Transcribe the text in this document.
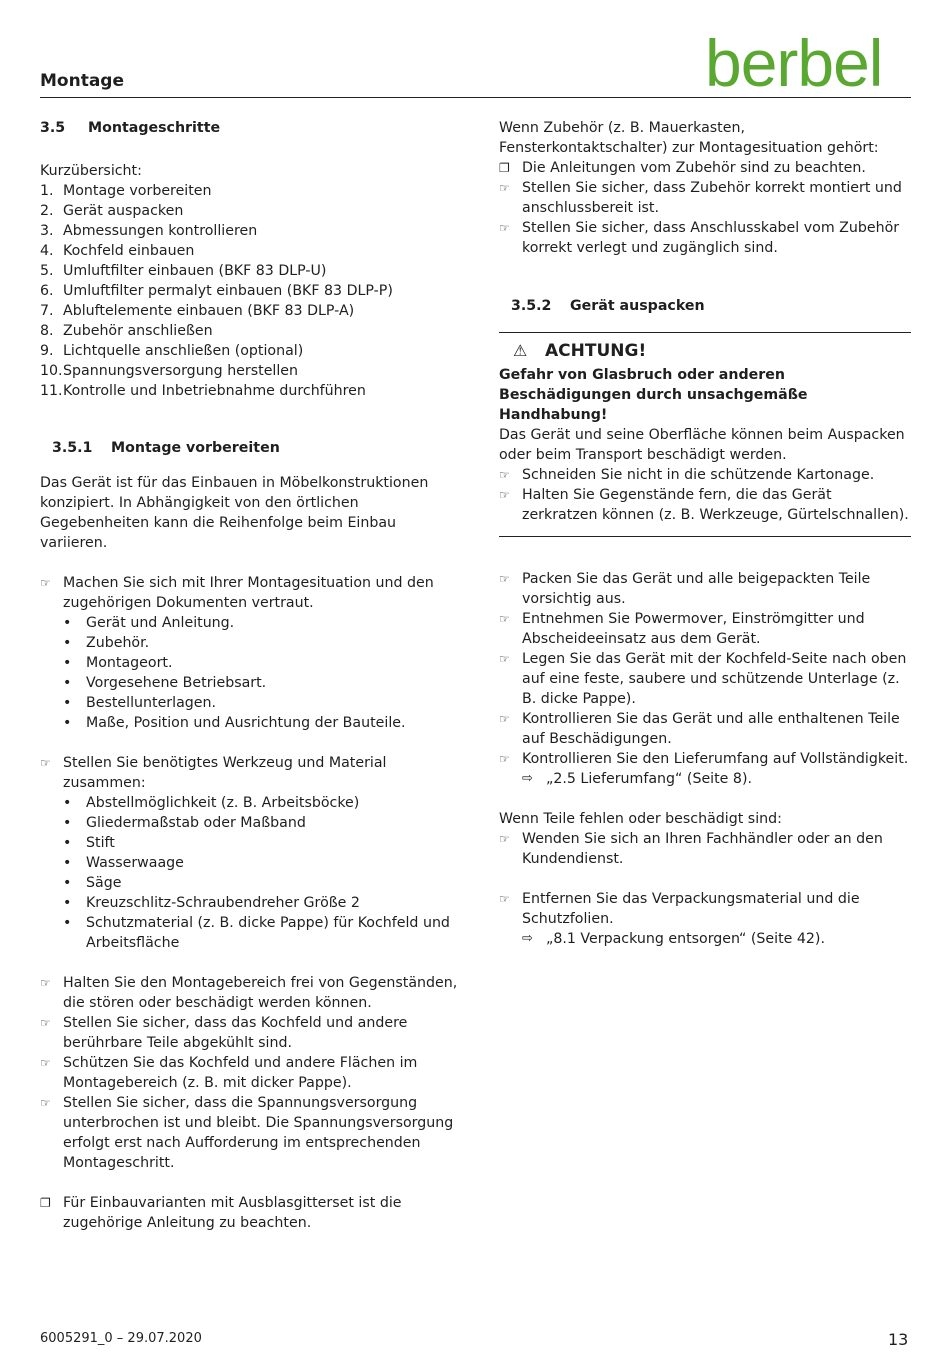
Montage	berbel
3.5	Montageschritte
Kurzübersicht:
1. Montage vorbereiten
2. Gerät auspacken
3. Abmessungen kontrollieren
4. Kochfeld einbauen
5. Umluftfilter einbauen (BKF 83 DLP-U)
6. Umluftfilter permalyt einbauen (BKF 83 DLP-P)
7. Abluftelemente einbauen (BKF 83 DLP-A)
8. Zubehör anschließen
9. Lichtquelle anschließen (optional)
10. Spannungsversorgung herstellen
11. Kontrolle und Inbetriebnahme durchführen
3.5.1	Montage vorbereiten
Das Gerät ist für das Einbauen in Möbelkonstruktionen konzipiert. In Abhängigkeit von den örtlichen Gegebenheiten kann die Reihenfolge beim Einbau variieren.
☞ Machen Sie sich mit Ihrer Montagesituation und den zugehörigen Dokumenten vertraut.
•	Gerät und Anleitung.
•	Zubehör.
•	Montageort.
•	Vorgesehene Betriebsart.
•	Bestellunterlagen.
•	Maße, Position und Ausrichtung der Bauteile.
☞ Stellen Sie benötigtes Werkzeug und Material zusammen:
•	Abstellmöglichkeit (z. B. Arbeitsböcke)
•	Gliedermaßstab oder Maßband
•	Stift
•	Wasserwaage
•	Säge
•	Kreuzschlitz-Schraubendreher Größe 2
•	Schutzmaterial (z. B. dicke Pappe) für Kochfeld und Arbeitsfläche
☞ Halten Sie den Montagebereich frei von Gegenständen, die stören oder beschädigt werden können.
☞ Stellen Sie sicher, dass das Kochfeld und andere berührbare Teile abgekühlt sind.
☞ Schützen Sie das Kochfeld und andere Flächen im Montagebereich (z. B. mit dicker Pappe).
☞ Stellen Sie sicher, dass die Spannungsversorgung unterbrochen ist und bleibt. Die Spannungsversorgung erfolgt erst nach Aufforderung im entsprechenden Montageschritt.
❐ Für Einbauvarianten mit Ausblasgitterset ist die zugehörige Anleitung zu beachten.
Wenn Zubehör (z. B. Mauerkasten, Fensterkontaktschalter) zur Montagesituation gehört:
❐ Die Anleitungen vom Zubehör sind zu beachten.
☞ Stellen Sie sicher, dass Zubehör korrekt montiert und anschlussbereit ist.
☞ Stellen Sie sicher, dass Anschlusskabel vom Zubehör korrekt verlegt und zugänglich sind.
3.5.2	Gerät auspacken
⚠	ACHTUNG!
Gefahr von Glasbruch oder anderen Beschädigungen durch unsachgemäße Handhabung!
Das Gerät und seine Oberfläche können beim Auspacken oder beim Transport beschädigt werden.
☞ Schneiden Sie nicht in die schützende Kartonage.
☞ Halten Sie Gegenstände fern, die das Gerät zerkratzen können (z. B. Werkzeuge, Gürtelschnallen).
☞ Packen Sie das Gerät und alle beigepackten Teile vorsichtig aus.
☞ Entnehmen Sie Powermover, Einströmgitter und Abscheideeinsatz aus dem Gerät.
☞ Legen Sie das Gerät mit der Kochfeld-Seite nach oben auf eine feste, saubere und schützende Unterlage (z. B. dicke Pappe).
☞ Kontrollieren Sie das Gerät und alle enthaltenen Teile auf Beschädigungen.
☞ Kontrollieren Sie den Lieferumfang auf Vollständigkeit.
⇨ „2.5 Lieferumfang“ (Seite 8).
Wenn Teile fehlen oder beschädigt sind:
☞ Wenden Sie sich an Ihren Fachhändler oder an den Kundendienst.
☞ Entfernen Sie das Verpackungsmaterial und die Schutzfolien.
⇨ „8.1 Verpackung entsorgen“ (Seite 42).
6005291_0 – 29.07.2020	13
